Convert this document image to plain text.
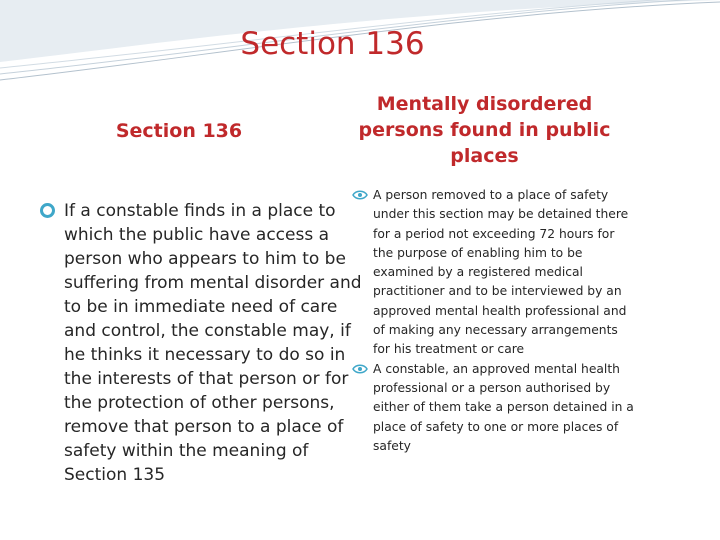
Section 136
Section 136
Mentally disordered persons found in public places
If a constable finds in a place to which the public have access a person who appears to him to be suffering from mental disorder and to be in immediate need of care and control, the constable may, if he thinks it necessary to do so in the interests of that person or for the protection of other persons, remove that person to a place of safety within the meaning of Section 135
A person removed to a place of safety under this section may be detained there for a period not exceeding 72 hours for the purpose of enabling him to be examined by a registered medical practitioner and to be interviewed by an approved mental health professional and of making any necessary arrangements for his treatment or care
A constable, an approved mental health professional or a person authorised by either of them take a person detained in a place of safety to one or more places of safety
